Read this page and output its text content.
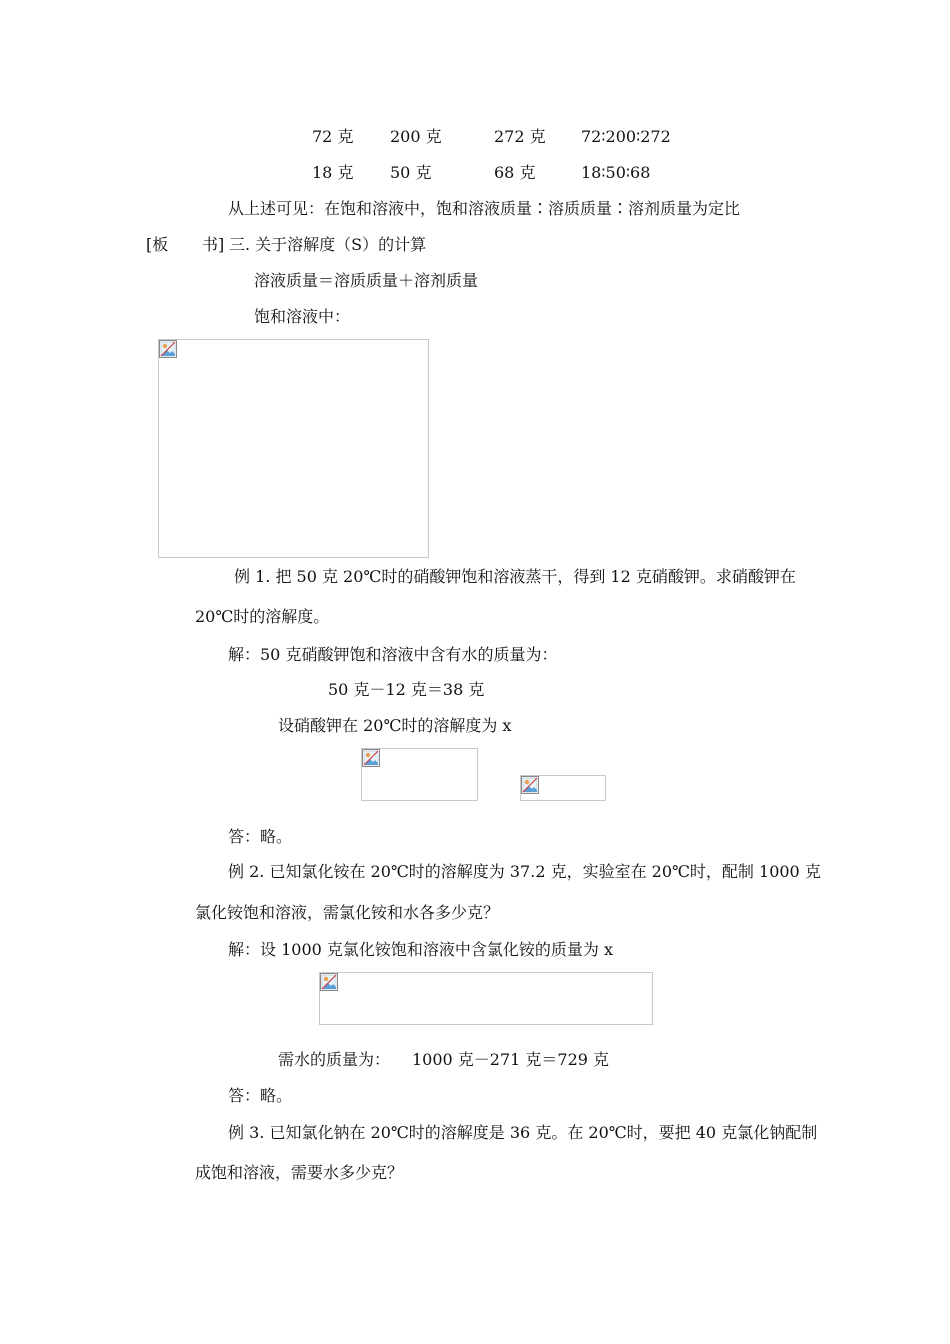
72 克 200 克	272 克 72∶200∶272
18 克 50 克	68 克	18∶50∶68
从上述可见：在饱和溶液中，饱和溶液质量∶溶质质量∶溶剂质量为定比
[板 书] 三. 关于溶解度（S）的计算
溶液质量＝溶质质量＋溶剂质量
饱和溶液中：
例 1. 把 50 克 20℃时的硝酸钾饱和溶液蒸干，得到 12 克硝酸钾。求硝酸钾在
20℃时的溶解度。
解：50 克硝酸钾饱和溶液中含有水的质量为：
50 克－12 克＝38 克
设硝酸钾在 20℃时的溶解度为 x
答：略。
例 2. 已知氯化铵在 20℃时的溶解度为 37.2 克，实验室在 20℃时，配制 1000 克
氯化铵饱和溶液，需氯化铵和水各多少克？
解：设 1000 克氯化铵饱和溶液中含氯化铵的质量为 x
需水的质量为： 1000 克－271 克＝729 克
答：略。
例 3. 已知氯化钠在 20℃时的溶解度是 36 克。在 20℃时，要把 40 克氯化钠配制
成饱和溶液，需要水多少克？
